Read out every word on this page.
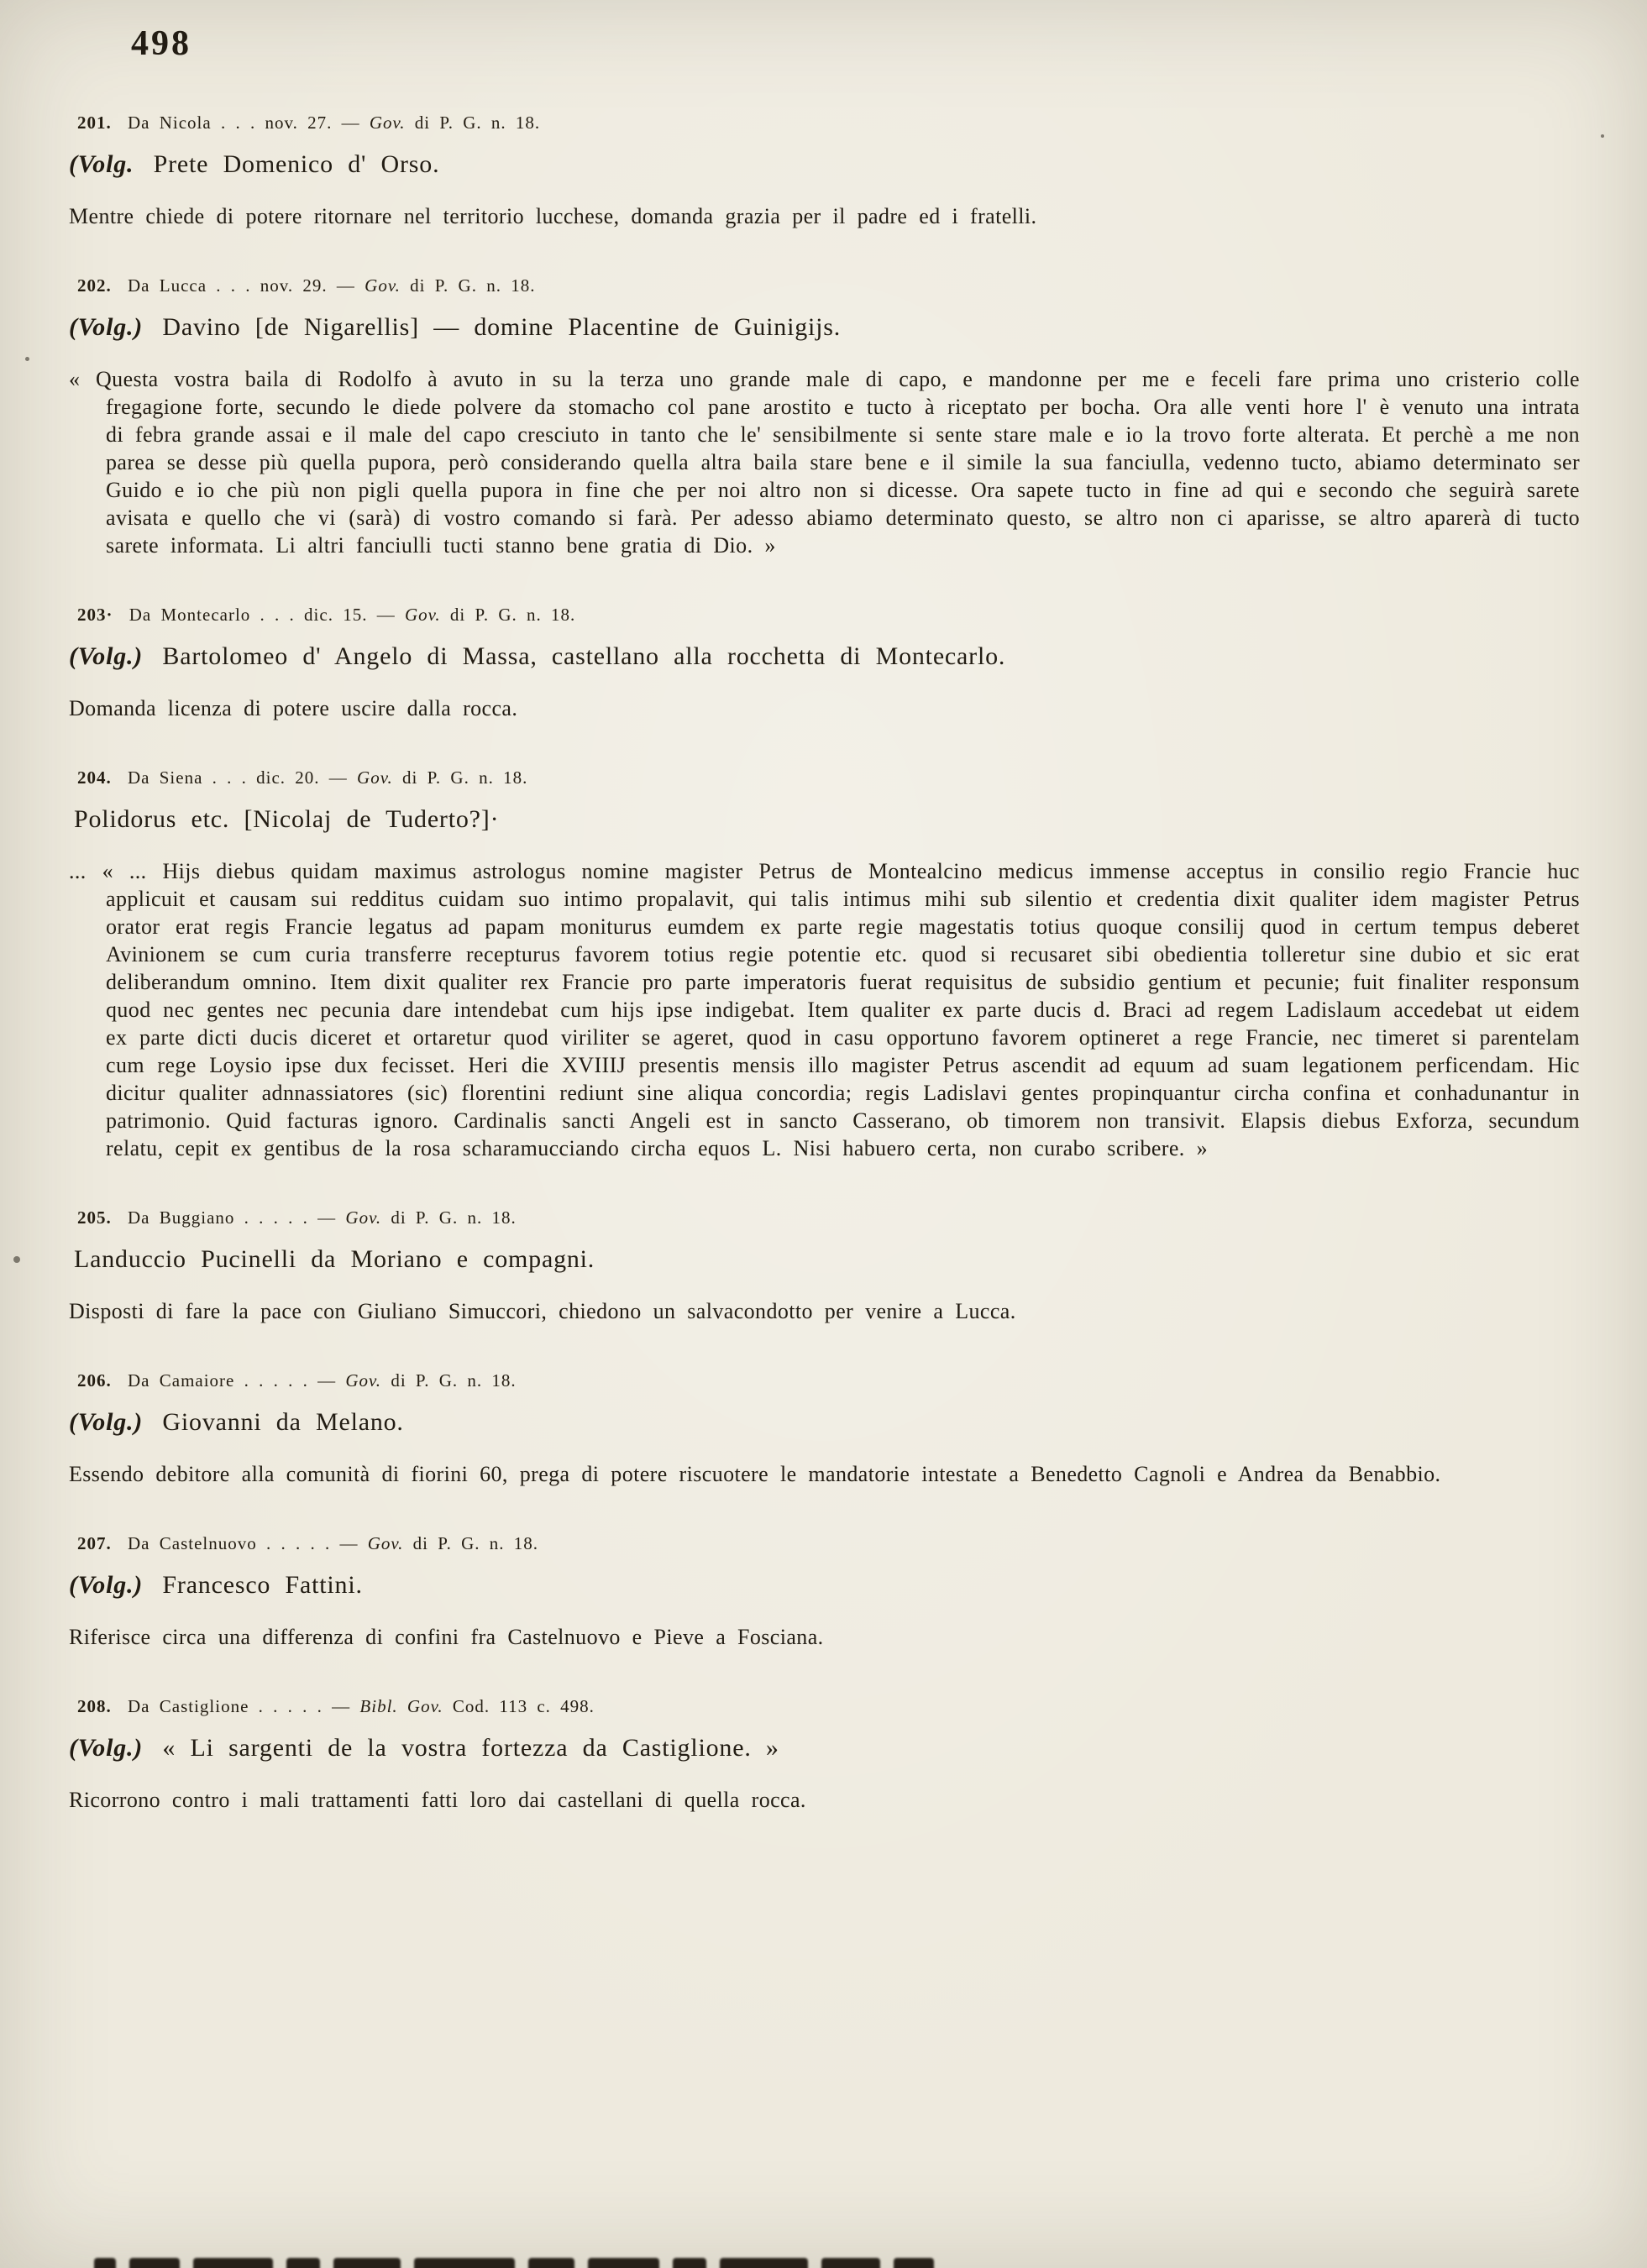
498

201. Da Nicola . . . nov. 27. — Gov. di P. G. n. 18.

(Volg. Prete Domenico d' Orso.

Mentre chiede di potere ritornare nel territorio lucchese, domanda grazia per il padre ed i fratelli.

202. Da Lucca . . . nov. 29. — Gov. di P. G. n. 18.

(Volg.) Davino [de Nigarellis] — domine Placentine de Guinigijs.

« Questa vostra baila di Rodolfo à avuto in su la terza uno grande male di capo, e mandonne per me e feceli fare prima uno cristerio colle fregagione forte, secundo le diede polvere da stomacho col pane arostito e tucto à riceptato per bocha. Ora alle venti hore l' è venuto una intrata di febra grande assai e il male del capo cresciuto in tanto che le' sensibilmente si sente stare male e io la trovo forte alterata. Et perchè a me non parea se desse più quella pupora, però considerando quella altra baila stare bene e il simile la sua fanciulla, vedenno tucto, abiamo determinato ser Guido e io che più non pigli quella pupora in fine che per noi altro non si dicesse. Ora sapete tucto in fine ad qui e secondo che seguirà sarete avisata e quello che vi (sarà) di vostro comando si farà. Per adesso abiamo determinato questo, se altro non ci aparisse, se altro aparerà di tucto sarete informata. Li altri fanciulli tucti stanno bene gratia di Dio. »

203· Da Montecarlo . . . dic. 15. — Gov. di P. G. n. 18.

(Volg.) Bartolomeo d' Angelo di Massa, castellano alla rocchetta di Montecarlo.

Domanda licenza di potere uscire dalla rocca.

204. Da Siena . . . dic. 20. — Gov. di P. G. n. 18.

Polidorus etc. [Nicolaj de Tuderto?]·

... « ... Hijs diebus quidam maximus astrologus nomine magister Petrus de Montealcino medicus immense acceptus in consilio regio Francie huc applicuit et causam sui redditus cuidam suo intimo propalavit, qui talis intimus mihi sub silentio et credentia dixit qualiter idem magister Petrus orator erat regis Francie legatus ad papam moniturus eumdem ex parte regie magestatis totius quoque consilij quod in certum tempus deberet Avinionem se cum curia transferre recepturus favorem totius regie potentie etc. quod si recusaret sibi obedientia tolleretur sine dubio et sic erat deliberandum omnino. Item dixit qualiter rex Francie pro parte imperatoris fuerat requisitus de subsidio gentium et pecunie; fuit finaliter responsum quod nec gentes nec pecunia dare intendebat cum hijs ipse indigebat. Item qualiter ex parte ducis d. Braci ad regem Ladislaum accedebat ut eidem ex parte dicti ducis diceret et ortaretur quod viriliter se ageret, quod in casu opportuno favorem optineret a rege Francie, nec timeret si parentelam cum rege Loysio ipse dux fecisset. Heri die XVIIIJ presentis mensis illo magister Petrus ascendit ad equum ad suam legationem perficendam. Hic dicitur qualiter adnnassiatores (sic) florentini rediunt sine aliqua concordia; regis Ladislavi gentes propinquantur circha confina et conhadunantur in patrimonio. Quid facturas ignoro. Cardinalis sancti Angeli est in sancto Casserano, ob timorem non transivit. Elapsis diebus Exforza, secundum relatu, cepit ex gentibus de la rosa scharamucciando circha equos L. Nisi habuero certa, non curabo scribere. »

205. Da Buggiano . . . . . — Gov. di P. G. n. 18.

Landuccio Pucinelli da Moriano e compagni.

Disposti di fare la pace con Giuliano Simuccori, chiedono un salvacondotto per venire a Lucca.

206. Da Camaiore . . . . . — Gov. di P. G. n. 18.

(Volg.) Giovanni da Melano.

Essendo debitore alla comunità di fiorini 60, prega di potere riscuotere le mandatorie intestate a Benedetto Cagnoli e Andrea da Benabbio.

207. Da Castelnuovo . . . . . — Gov. di P. G. n. 18.

(Volg.) Francesco Fattini.

Riferisce circa una differenza di confini fra Castelnuovo e Pieve a Fosciana.

208. Da Castiglione . . . . . — Bibl. Gov. Cod. 113 c. 498.

(Volg.) « Li sargenti de la vostra fortezza da Castiglione. »

Ricorrono contro i mali trattamenti fatti loro dai castellani di quella rocca.
